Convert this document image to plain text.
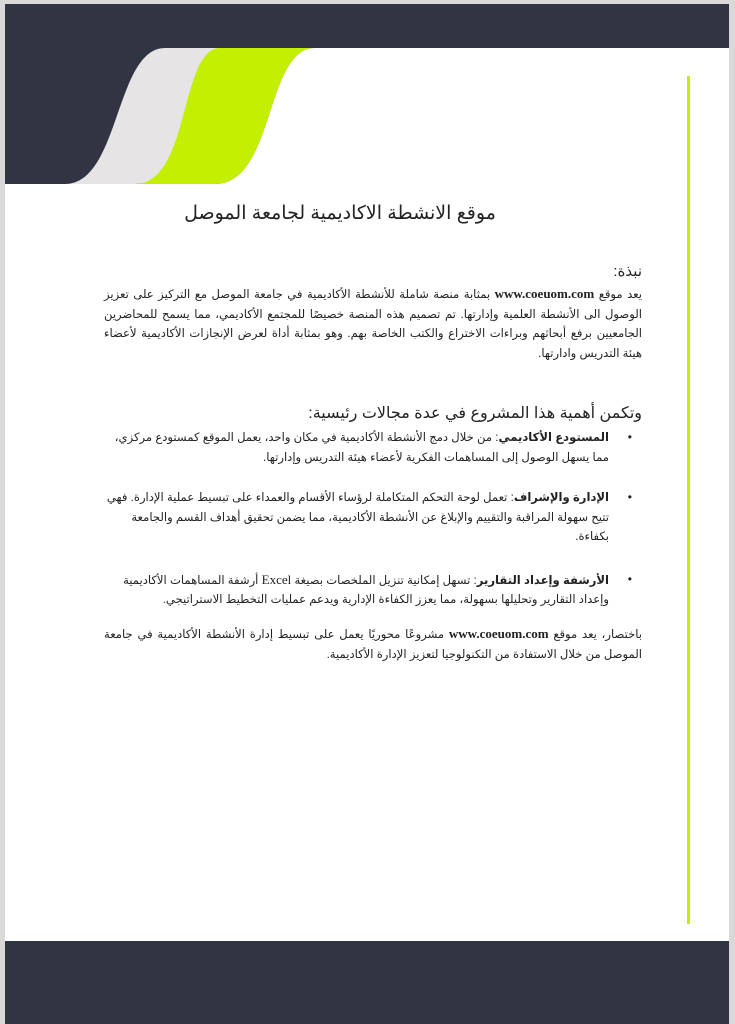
موقع الانشطة الاكاديمية لجامعة الموصل
نبذة:
يعد موقع www.coeuom.com بمثابة منصة شاملة للأنشطة الأكاديمية في جامعة الموصل مع التركيز على تعزيز الوصول الى الأنشطة العلمية وإدارتها. تم تصميم هذه المنصة خصيصًا للمجتمع الأكاديمي، مما يسمح للمحاضرين الجامعيين برفع أبحاثهم وبراءات الاختراع والكتب الخاصة بهم. وهو بمثابة أداة لعرض الإنجازات الأكاديمية لأعضاء هيئة التدريس وادارتها.
وتكمن أهمية هذا المشروع في عدة مجالات رئيسية:
•
المستودع الأكاديمي: من خلال دمج الأنشطة الأكاديمية في مكان واحد، يعمل الموقع كمستودع مركزي، مما يسهل الوصول إلى المساهمات الفكرية لأعضاء هيئة التدريس وإدارتها.
•
الإدارة والإشراف: تعمل لوحة التحكم المتكاملة لرؤساء الأقسام والعمداء على تبسيط عملية الإدارة. فهي تتيح سهولة المراقبة والتقييم والإبلاغ عن الأنشطة الأكاديمية، مما يضمن تحقيق أهداف القسم والجامعة بكفاءة.
•
الأرشفة وإعداد التقارير: تسهل إمكانية تنزيل الملخصات بصيغة Excel أرشفة المساهمات الأكاديمية وإعداد التقارير وتحليلها بسهولة، مما يعزز الكفاءة الإدارية ويدعم عمليات التخطيط الاستراتيجي.
باختصار، يعد موقع www.coeuom.com مشروعًا محوريًا يعمل على تبسيط إدارة الأنشطة الأكاديمية في جامعة الموصل من خلال الاستفادة من التكنولوجيا لتعزيز الإدارة الأكاديمية.
